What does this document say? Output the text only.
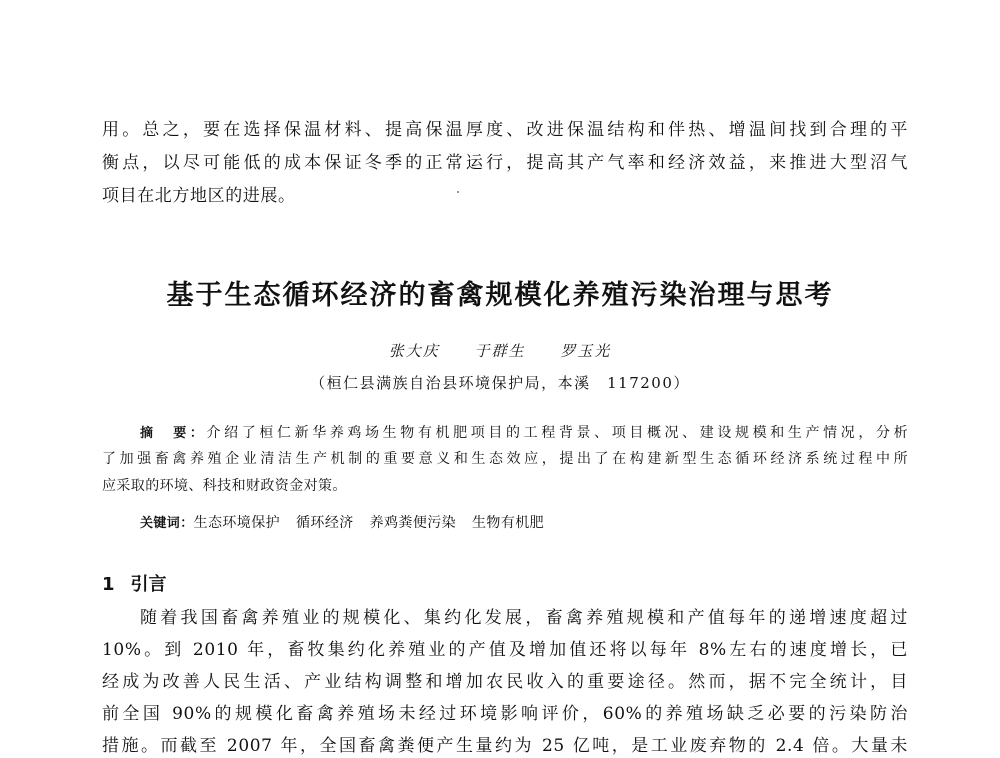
用。总之，要在选择保温材料、提高保温厚度、改进保温结构和伴热、增温间找到合理的平
衡点，以尽可能低的成本保证冬季的正常运行，提高其产气率和经济效益，来推进大型沼气
项目在北方地区的进展。
基于生态循环经济的畜禽规模化养殖污染治理与思考
张大庆 于群生 罗玉光
（桓仁县满族自治县环境保护局，本溪　117200）
摘　要：介绍了桓仁新华养鸡场生物有机肥项目的工程背景、项目概况、建设规模和生产情况，分析
了加强畜禽养殖企业清洁生产机制的重要意义和生态效应，提出了在构建新型生态循环经济系统过程中所
应采取的环境、科技和财政资金对策。
关键词：生态环境保护 循环经济 养鸡粪便污染 生物有机肥
1 引言
随着我国畜禽养殖业的规模化、集约化发展，畜禽养殖规模和产值每年的递增速度超过
10%。到 2010 年，畜牧集约化养殖业的产值及增加值还将以每年 8%左右的速度增长，已
经成为改善人民生活、产业结构调整和增加农民收入的重要途径。然而，据不完全统计，目
前全国 90%的规模化畜禽养殖场未经过环境影响评价，60%的养殖场缺乏必要的污染防治
措施。而截至 2007 年，全国畜禽粪便产生量约为 25 亿吨，是工业废弃物的 2.4 倍。大量未
